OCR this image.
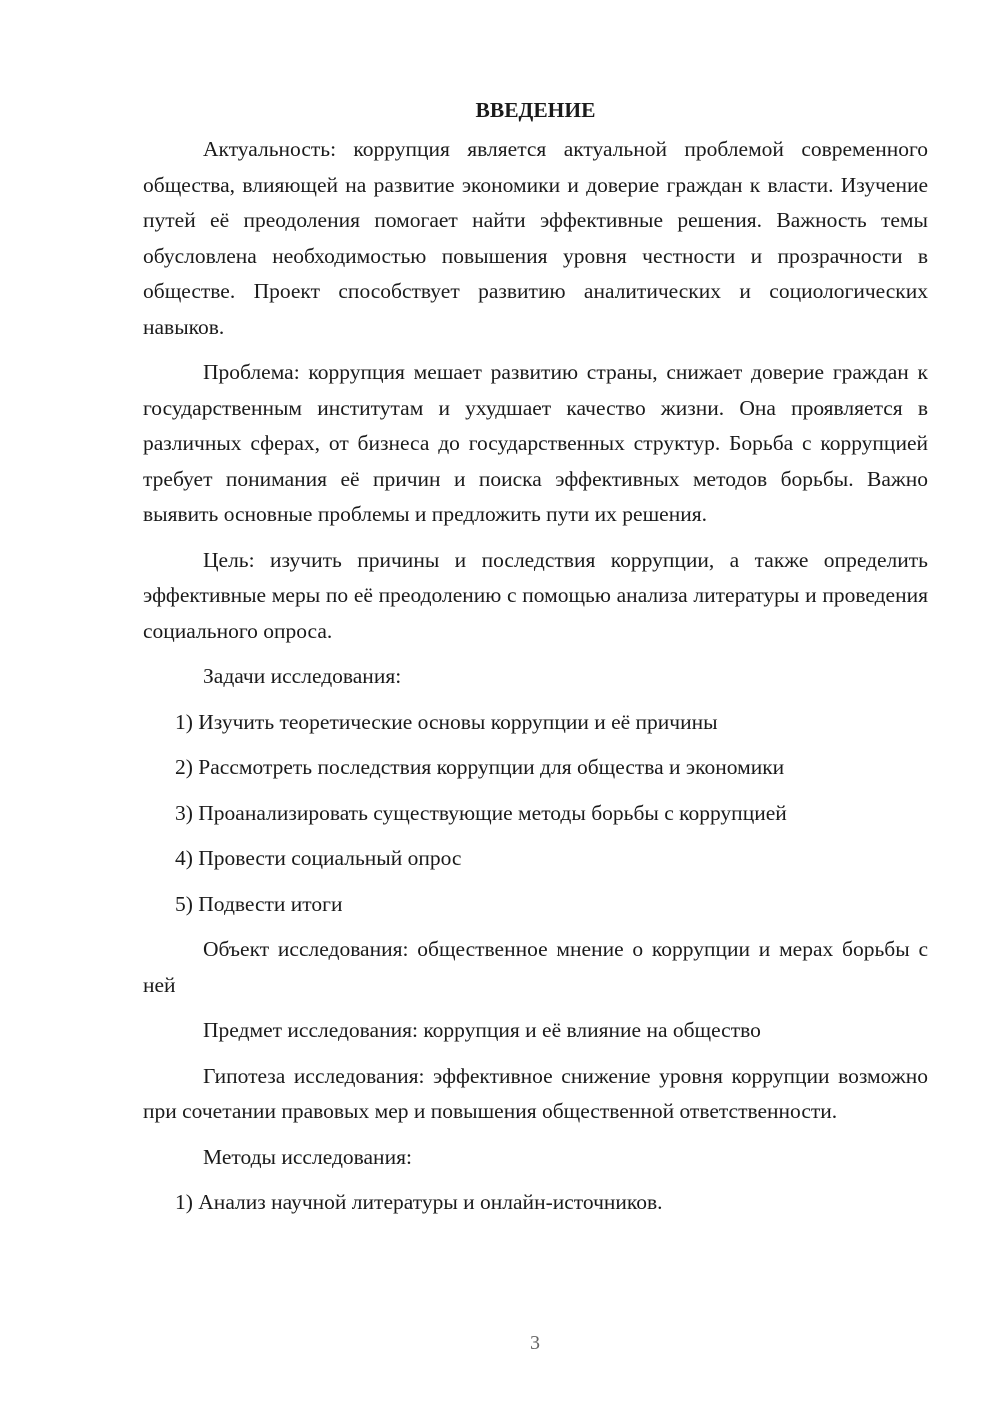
ВВЕДЕНИЕ

Актуальность: коррупция является актуальной проблемой современного общества, влияющей на развитие экономики и доверие граждан к власти. Изучение путей её преодоления помогает найти эффективные решения. Важность темы обусловлена необходимостью повышения уровня честности и прозрачности в обществе. Проект способствует развитию аналитических и социологических навыков.

Проблема: коррупция мешает развитию страны, снижает доверие граждан к государственным институтам и ухудшает качество жизни. Она проявляется в различных сферах, от бизнеса до государственных структур. Борьба с коррупцией требует понимания её причин и поиска эффективных методов борьбы. Важно выявить основные проблемы и предложить пути их решения.

Цель: изучить причины и последствия коррупции, а также определить эффективные меры по её преодолению с помощью анализа литературы и проведения социального опроса.

Задачи исследования:

1) Изучить теоретические основы коррупции и её причины
2) Рассмотреть последствия коррупции для общества и экономики
3) Проанализировать существующие методы борьбы с коррупцией
4) Провести социальный опрос
5) Подвести итоги

Объект исследования: общественное мнение о коррупции и мерах борьбы с ней

Предмет исследования: коррупция и её влияние на общество

Гипотеза исследования: эффективное снижение уровня коррупции возможно при сочетании правовых мер и повышения общественной ответственности.

Методы исследования:

1) Анализ научной литературы и онлайн-источников.
3
